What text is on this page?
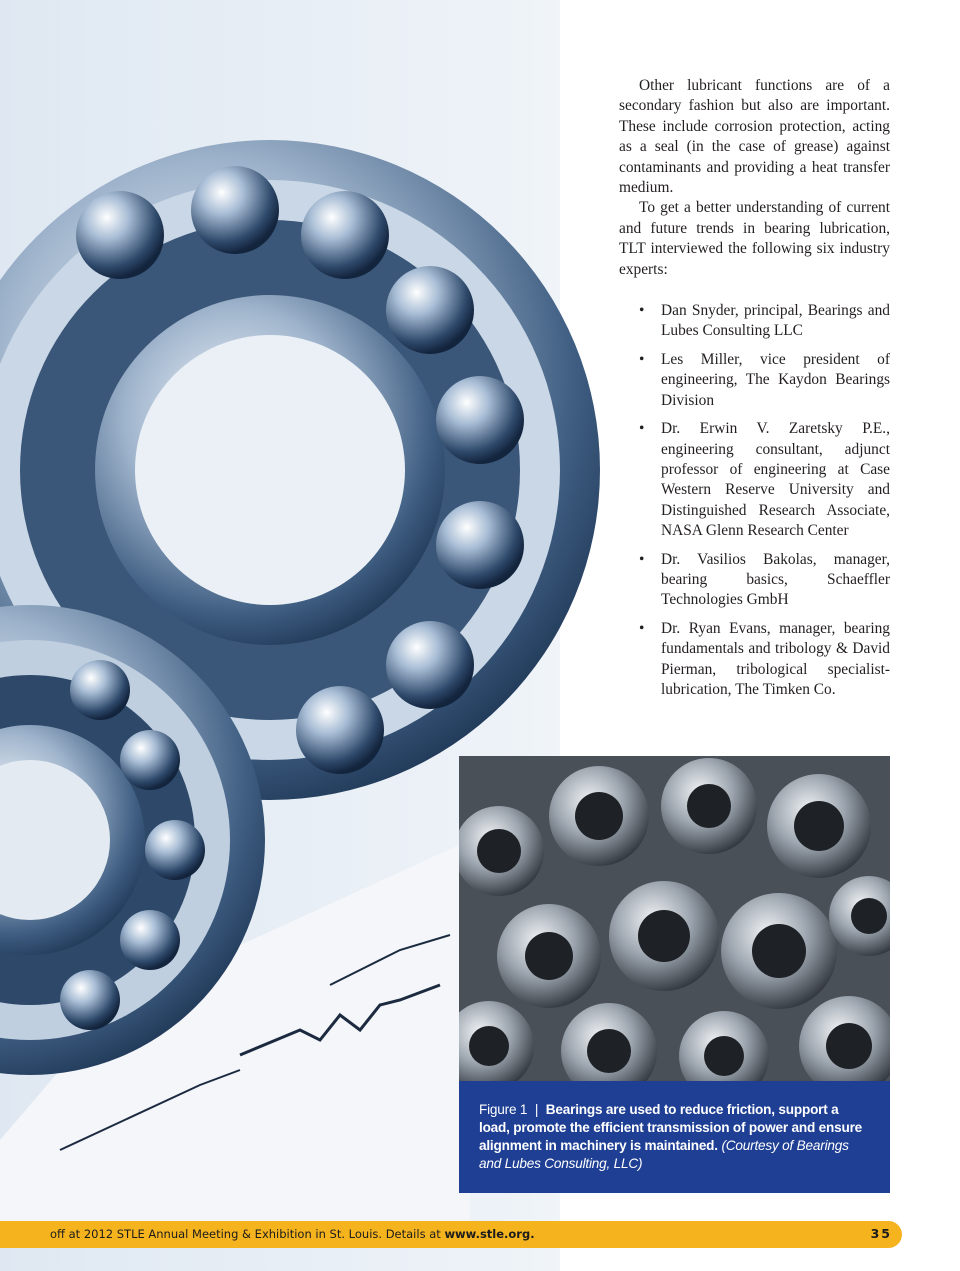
Other lubricant functions are of a secondary fashion but also are important. These include corrosion protection, acting as a seal (in the case of grease) against contaminants and providing a heat transfer medium.

To get a better understanding of current and future trends in bearing lubrication, TLT interviewed the following six industry experts:

• Dan Snyder, principal, Bearings and Lubes Consulting LLC
• Les Miller, vice president of engineering, The Kaydon Bearings Division
• Dr. Erwin V. Zaretsky P.E., engineering consultant, adjunct professor of engineering at Case Western Reserve University and Distinguished Research Associate, NASA Glenn Research Center
• Dr. Vasilios Bakolas, manager, bearing basics, Schaeffler Technologies GmbH
• Dr. Ryan Evans, manager, bearing fundamentals and tribology & David Pierman, tribological specialist-lubrication, The Timken Co.
Figure 1 | Bearings are used to reduce friction, support a load, promote the efficient transmission of power and ensure alignment in machinery is maintained. (Courtesy of Bearings and Lubes Consulting, LLC)
off at 2012 STLE Annual Meeting & Exhibition in St. Louis. Details at www.stle.org.	35
